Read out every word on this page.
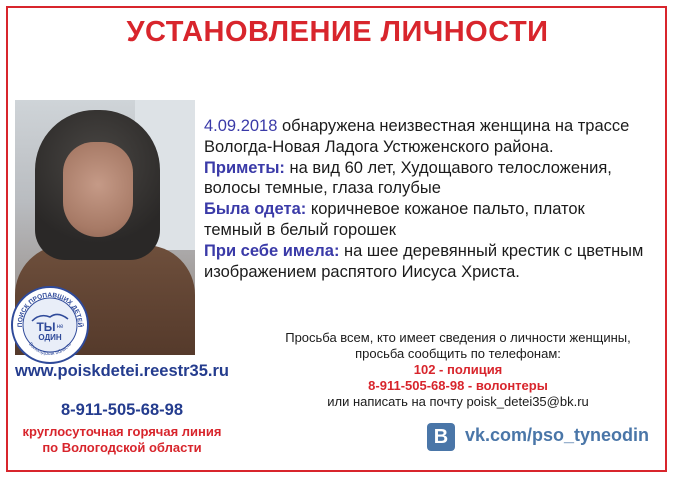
УСТАНОВЛЕНИЕ ЛИЧНОСТИ
ПОИСК ПРОПАВШИХ ДЕТЕЙ
Вологодская область
ТЫ не
ОДИН
4.09.2018 обнаружена неизвестная женщина на трассе
Вологда-Новая Ладога Устюженского района.
Приметы: на вид 60 лет, Худощавого телосложения,
волосы темные, глаза голубые
Была одета: коричневое кожаное пальто, платок
темный в белый горошек
При себе имела: на шее деревянный крестик с цветным
изображением распятого Иисуса Христа.
www.poiskdetei.reestr35.ru
8-911-505-68-98
круглосуточная горячая линия
по Вологодской области
Просьба всем, кто имеет сведения о личности женщины,
просьба сообщить по телефонам:
102 - полиция
8-911-505-68-98 - волонтеры
или написать на почту poisk_detei35@bk.ru
B vk.com/pso_tyneodin
